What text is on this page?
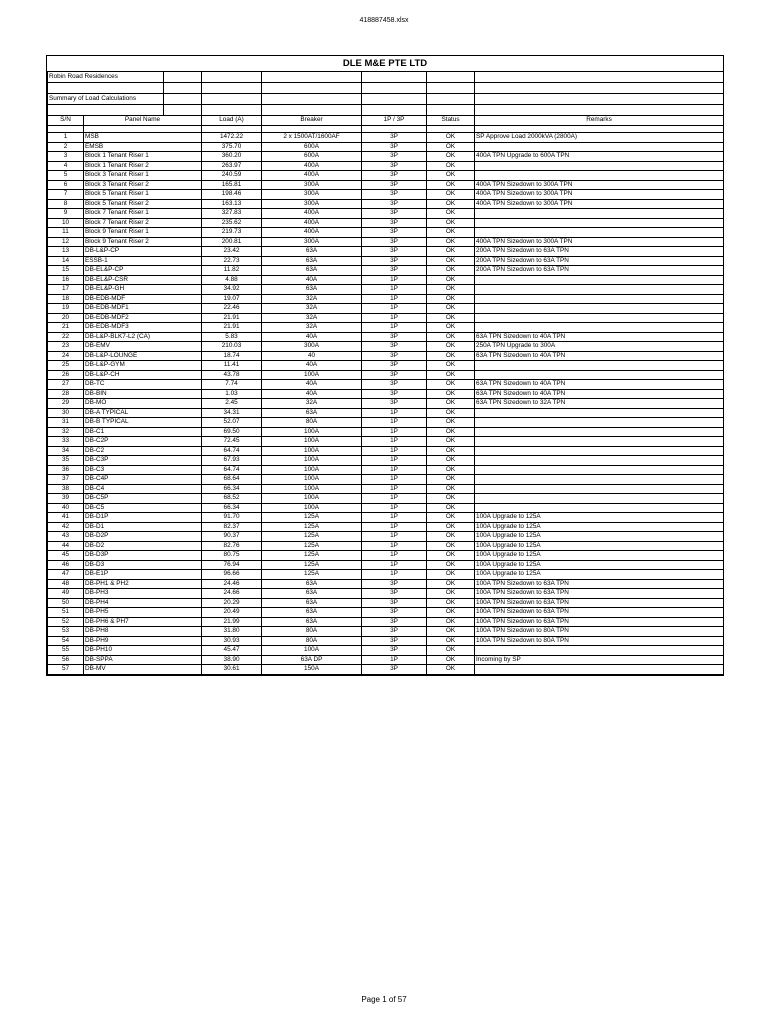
418887458.xlsx
DLE M&E PTE LTD
Robin Road Residences							

Summary of Load Calculations							

S/N	Panel Name		Load (A)	Breaker	1P / 3P	Status	Remarks

1	MSB		1472.22	2 x 1500AT/1600AF	3P	OK	SP Approve Load 2000kVA (2800A)
2	EMSB		375.70	600A	3P	OK	
3	Block 1 Tenant Riser 1		360.20	600A	3P	OK	400A TPN Upgrade to 600A TPN
4	Block 1 Tenant Riser 2		263.97	400A	3P	OK	
5	Block 3 Tenant Riser 1		240.59	400A	3P	OK	
6	Block 3 Tenant Riser 2		165.81	300A	3P	OK	400A TPN Sizedown to 300A TPN
7	Block 5 Tenant Riser 1		198.46	300A	3P	OK	400A TPN Sizedown to 300A TPN
8	Block 5 Tenant Riser 2		163.13	300A	3P	OK	400A TPN Sizedown to 300A TPN
9	Block 7 Tenant Riser 1		327.83	400A	3P	OK	
10	Block 7 Tenant Riser 2		235.62	400A	3P	OK	
11	Block 9 Tenant Riser 1		219.73	400A	3P	OK	
12	Block 9 Tenant Riser 2		200.81	300A	3P	OK	400A TPN Sizedown to 300A TPN
13	DB-L&P-CP		23.42	63A	3P	OK	200A TPN Sizedown to 63A TPN
14	ESSB-1		22.73	63A	3P	OK	200A TPN Sizedown to 63A TPN
15	DB-EL&P-CP		11.82	63A	3P	OK	200A TPN Sizedown to 63A TPN
16	DB-EL&P-CSR		4.88	40A	1P	OK	
17	DB-EL&P-GH		34.92	63A	1P	OK	
18	DB-EDB-MDF		19.07	32A	1P	OK	
19	DB-EDB-MDF1		22.46	32A	1P	OK	
20	DB-EDB-MDF2		21.91	32A	1P	OK	
21	DB-EDB-MDF3		21.91	32A	1P	OK	
22	DB-L&P-BLK7-L2 (CA)		5.83	40A	3P	OK	63A TPN Sizedown to 40A TPN
23	DB-EMV		210.03	300A	3P	OK	250A TPN Upgrade to 300A
24	DB-L&P-LOUNGE		18.74	40	3P	OK	63A TPN Sizedown to 40A TPN
25	DB-L&P-GYM		11.41	40A	3P	OK	
26	DB-L&P-CH		43.78	100A	3P	OK	
27	DB-TC		7.74	40A	3P	OK	63A TPN Sizedown to 40A TPN
28	DB-BIN		1.03	40A	3P	OK	63A TPN Sizedown to 40A TPN
29	DB-MO		2.45	32A	3P	OK	63A TPN Sizedown to 32A TPN
30	DB-A TYPICAL		34.31	63A	1P	OK	
31	DB-B TYPICAL		52.07	80A	1P	OK	
32	DB-C1		69.50	100A	1P	OK	
33	DB-C2P		72.45	100A	1P	OK	
34	DB-C2		64.74	100A	1P	OK	
35	DB-C3P		67.93	100A	1P	OK	
36	DB-C3		64.74	100A	1P	OK	
37	DB-C4P		68.64	100A	1P	OK	
38	DB-C4		66.34	100A	1P	OK	
39	DB-C5P		68.52	100A	1P	OK	
40	DB-C5		66.34	100A	1P	OK	
41	DB-D1P		91.70	125A	1P	OK	100A Upgrade to 125A
42	DB-D1		82.37	125A	1P	OK	100A Upgrade to 125A
43	DB-D2P		90.37	125A	1P	OK	100A Upgrade to 125A
44	DB-D2		82.76	125A	1P	OK	100A Upgrade to 125A
45	DB-D3P		80.75	125A	1P	OK	100A Upgrade to 125A
46	DB-D3		76.94	125A	1P	OK	100A Upgrade to 125A
47	DB-E1P		96.66	125A	1P	OK	100A Upgrade to 125A
48	DB-PH1 & PH2		24.46	63A	3P	OK	100A TPN Sizedown to 63A TPN
49	DB-PH3		24.66	63A	3P	OK	100A TPN Sizedown to 63A TPN
50	DB-PH4		20.29	63A	3P	OK	100A TPN Sizedown to 63A TPN
51	DB-PH5		20.49	63A	3P	OK	100A TPN Sizedown to 63A TPN
52	DB-PH6 & PH7		21.99	63A	3P	OK	100A TPN Sizedown to 63A TPN
53	DB-PH8		31.80	80A	3P	OK	100A TPN Sizedown to 80A TPN
54	DB-PH9		30.93	80A	3P	OK	100A TPN Sizedown to 80A TPN
55	DB-PH10		45.47	100A	3P	OK	
56	DB-SPPA		38.90	63A DP	1P	OK	Incoming by SP
57	DB-MV		30.61	150A	3P	OK	
Page 1 of 57
